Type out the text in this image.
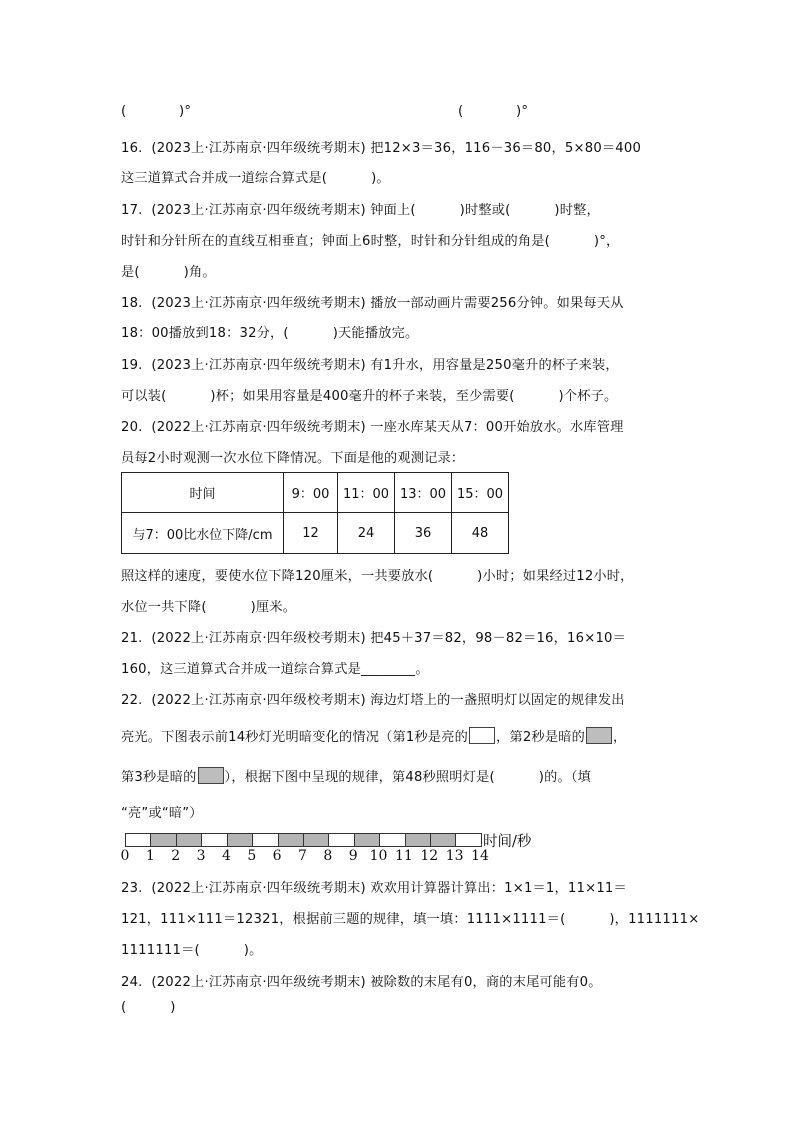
(            )°	(            )°
16.  (2023上·江苏南京·四年级统考期末) 把12×3＝36，116－36＝80，5×80＝400
这三道算式合并成一道综合算式是(          )。
17.  (2023上·江苏南京·四年级统考期末) 钟面上(          )时整或(          )时整，
时针和分针所在的直线互相垂直；钟面上6时整，时针和分针组成的角是(          )°，
是(          )角。
18.  (2023上·江苏南京·四年级统考期末) 播放一部动画片需要256分钟。如果每天从
18：00播放到18：32分，(          )天能播放完。
19.  (2023上·江苏南京·四年级统考期末) 有1升水，用容量是250毫升的杯子来装，
可以装(          )杯；如果用容量是400毫升的杯子来装，至少需要(          )个杯子。
20.  (2022上·江苏南京·四年级统考期末) 一座水库某天从7：00开始放水。水库管理
员每2小时观测一次水位下降情况。下面是他的观测记录：
时间	9：00	11：00	13：00	15：00
与7：00比水位下降/cm	12	24	36	48
照这样的速度，要使水位下降120厘米，一共要放水(          )小时；如果经过12小时，
水位一共下降(          )厘米。
21.  (2022上·江苏南京·四年级校考期末) 把45＋37＝82，98－82＝16，16×10＝
160，这三道算式合并成一道综合算式是________。
22.  (2022上·江苏南京·四年级校考期末) 海边灯塔上的一盏照明灯以固定的规律发出
亮光。下图表示前14秒灯光明暗变化的情况（第1秒是亮的 ，第2秒是暗的 ，
第3秒是暗的 ），根据下图中呈现的规律，第48秒照明灯是(          )的。（填
“亮”或“暗”）
时间/秒
0 1 2 3 4 5 6 7 8 9 10 11 12 13 14
23.  (2022上·江苏南京·四年级统考期末) 欢欢用计算器计算出：1×1＝1，11×11＝
121，111×111＝12321，根据前三题的规律，填一填：1111×1111＝(          )，1111111×
1111111＝(          )。
24.  (2022上·江苏南京·四年级统考期末) 被除数的末尾有0，商的末尾可能有0。
(          )
